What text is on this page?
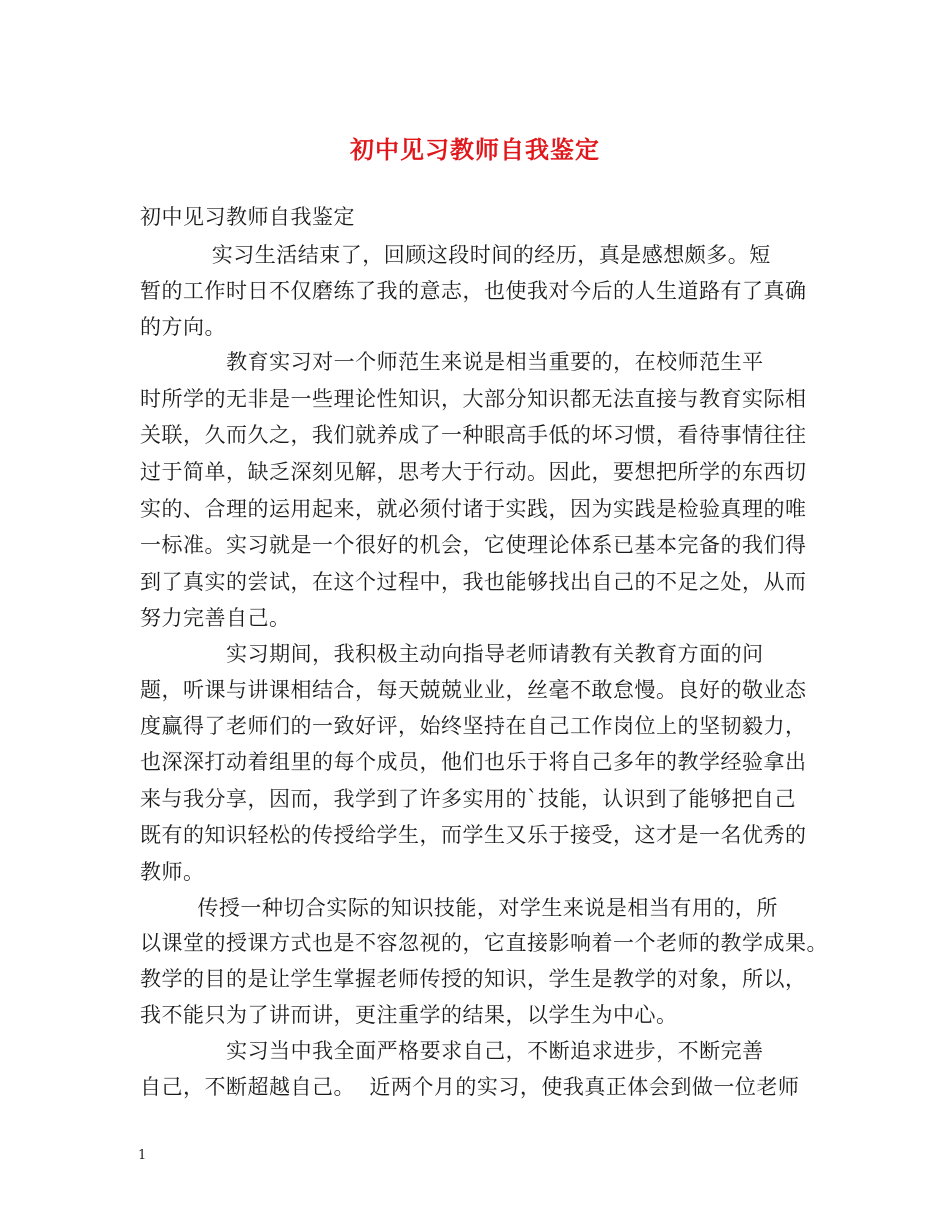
初中见习教师自我鉴定
初中见习教师自我鉴定
实习生活结束了，回顾这段时间的经历，真是感想颇多。短
暂的工作时日不仅磨练了我的意志，也使我对今后的人生道路有了真确
的方向。
教育实习对一个师范生来说是相当重要的，在校师范生平
时所学的无非是一些理论性知识，大部分知识都无法直接与教育实际相
关联，久而久之，我们就养成了一种眼高手低的坏习惯，看待事情往往
过于简单，缺乏深刻见解，思考大于行动。因此，要想把所学的东西切
实的、合理的运用起来，就必须付诸于实践，因为实践是检验真理的唯
一标准。实习就是一个很好的机会，它使理论体系已基本完备的我们得
到了真实的尝试，在这个过程中，我也能够找出自己的不足之处，从而
努力完善自己。
实习期间，我积极主动向指导老师请教有关教育方面的问
题，听课与讲课相结合，每天兢兢业业，丝毫不敢怠慢。良好的敬业态
度赢得了老师们的一致好评，始终坚持在自己工作岗位上的坚韧毅力，
也深深打动着组里的每个成员，他们也乐于将自己多年的教学经验拿出
来与我分享，因而，我学到了许多实用的`技能，认识到了能够把自己
既有的知识轻松的传授给学生，而学生又乐于接受，这才是一名优秀的
教师。
传授一种切合实际的知识技能，对学生来说是相当有用的，所
以课堂的授课方式也是不容忽视的，它直接影响着一个老师的教学成果。
教学的目的是让学生掌握老师传授的知识，学生是教学的对象，所以，
我不能只为了讲而讲，更注重学的结果，以学生为中心。
实习当中我全面严格要求自己，不断追求进步，不断完善
自己，不断超越自己。  近两个月的实习，使我真正体会到做一位老师
1
